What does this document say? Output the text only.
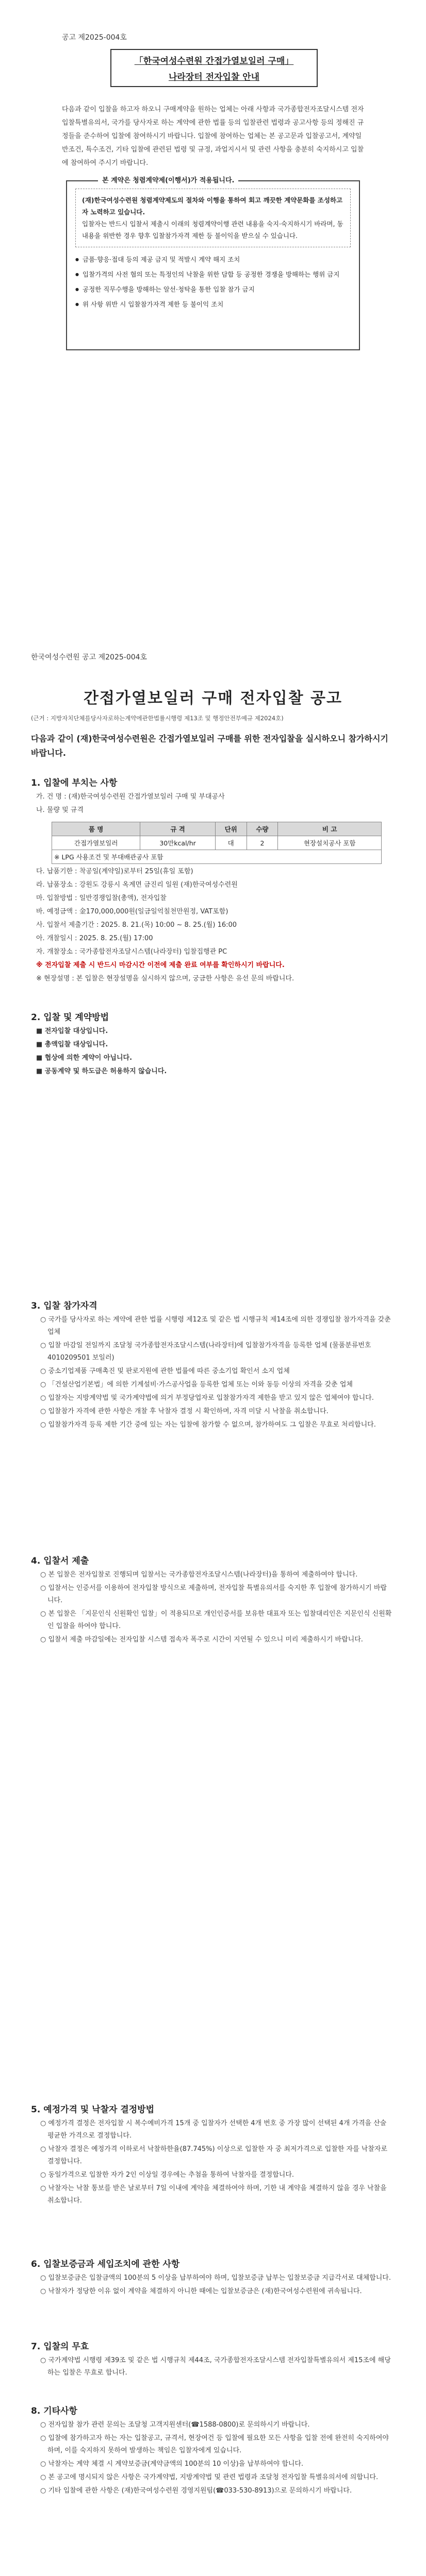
공고 제2025-004호
「한국여성수련원 간접가열보일러 구매」
나라장터 전자입찰 안내
다음과 같이 입찰을 하고자 하오니 구매계약을 원하는 업체는 아래 사항과 국가종합전자조달시스템 전자입찰특별유의서, 국가를 당사자로 하는 계약에 관한 법률 등의 입찰관련 법령과 공고사항 등의 정해진 규정들을 준수하여 입찰에 참여하시기 바랍니다. 입찰에 참여하는 업체는 본 공고문과 입찰공고서, 계약일반조건, 특수조건, 기타 입찰에 관련된 법령 및 규정, 과업지시서 및 관련 사항을 충분히 숙지하시고 입찰에 참여하여 주시기 바랍니다.
본 계약은 청렴계약제(이행서)가 적용됩니다.
(재)한국여성수련원 청렴계약제도의 절차와 이행을 통하여 회고 깨끗한 계약문화를 조성하고자 노력하고 있습니다.
입찰자는 반드시 입찰서 제출시 이래의 청렴계약이행 관련 내용을 숙지·숙지하시기 바라며, 동 내용을 위반한 경우 향후 입찰참가자격 제한 등 불이익을 받으실 수 있습니다.
● 금품·향응·접대 등의 제공 금지 및 적발시 계약 해지 조치
● 입찰가격의 사전 협의 또는 특정인의 낙찰을 위한 담합 등 공정한 경쟁을 방해하는 행위 금지
● 공정한 직무수행을 방해하는 알선·청탁을 통한 입찰 참가 금지
● 위 사항 위반 시 입찰참가자격 제한 등 불이익 조치
한국여성수련원 공고 제2025-004호
간접가열보일러 구매 전자입찰 공고
(근거 : 지방자치단체를당사자로하는계약에관한법률시행령 제13조 및 행정안전부예규 제2024호)
다음과 같이 (재)한국여성수련원은 간접가열보일러 구매를 위한 전자입찰을 실시하오니 참가하시기 바랍니다.
1. 입찰에 부치는 사항

가. 건 명 : (재)한국여성수련원 간접가열보일러 구매 및 부대공사

나. 물량 및 규격

품 명	규 격	단위	수량	비 고
간접가열보일러	30만kcal/hr	대	2	현장설치공사 포함
※ LPG 사용조건 및 부대배관공사 포함				

다. 납품기한 : 착공일(계약일)로부터 25일(휴일 포함)

라. 납품장소 : 강원도 강릉시 옥계면 금진리 일원 (재)한국여성수련원

마. 입찰방법 : 일반경쟁입찰(총액), 전자입찰

바. 예정금액 : 金170,000,000원(일금일억칠천만원정, VAT포함)

사. 입찰서 제출기간 : 2025. 8. 21.(목) 10:00 ~ 8. 25.(월) 16:00

아. 개찰일시 : 2025. 8. 25.(월) 17:00

자. 개찰장소 : 국가종합전자조달시스템(나라장터) 입찰집행관 PC

※ 전자입찰 제출 시 반드시 마감시간 이전에 제출 완료 여부를 확인하시기 바랍니다.

※ 현장설명 : 본 입찰은 현장설명을 실시하지 않으며, 궁금한 사항은 유선 문의 바랍니다.

2. 입찰 및 계약방법

■ 전자입찰 대상입니다.

■ 총액입찰 대상입니다.

■ 협상에 의한 계약이 아닙니다.

■ 공동계약 및 하도급은 허용하지 않습니다.

3. 입찰 참가자격

○ 국가를 당사자로 하는 계약에 관한 법률 시행령 제12조 및 같은 법 시행규칙 제14조에 의한 경쟁입찰 참가자격을 갖춘 업체

○ 입찰 마감일 전일까지 조달청 국가종합전자조달시스템(나라장터)에 입찰참가자격을 등록한 업체 (물품분류번호 4010209501 보일러)

○ 중소기업제품 구매촉진 및 판로지원에 관한 법률에 따른 중소기업 확인서 소지 업체

○ 「건설산업기본법」에 의한 기계설비·가스공사업을 등록한 업체 또는 이와 동등 이상의 자격을 갖춘 업체

○ 입찰자는 지방계약법 및 국가계약법에 의거 부정당업자로 입찰참가자격 제한을 받고 있지 않은 업체여야 합니다.

○ 입찰참가 자격에 관한 사항은 개찰 후 낙찰자 결정 시 확인하며, 자격 미달 시 낙찰을 취소합니다.

○ 입찰참가자격 등록 제한 기간 중에 있는 자는 입찰에 참가할 수 없으며, 참가하여도 그 입찰은 무효로 처리합니다.

4. 입찰서 제출

○ 본 입찰은 전자입찰로 진행되며 입찰서는 국가종합전자조달시스템(나라장터)을 통하여 제출하여야 합니다.

○ 입찰서는 인증서를 이용하여 전자입찰 방식으로 제출하며, 전자입찰 특별유의서를 숙지한 후 입찰에 참가하시기 바랍니다.

○ 본 입찰은 「지문인식 신원확인 입찰」이 적용되므로 개인인증서를 보유한 대표자 또는 입찰대리인은 지문인식 신원확인 입찰을 하여야 합니다.

○ 입찰서 제출 마감일에는 전자입찰 시스템 접속자 폭주로 시간이 지연될 수 있으니 미리 제출하시기 바랍니다.

5. 예정가격 및 낙찰자 결정방법

○ 예정가격 결정은 전자입찰 시 복수예비가격 15개 중 입찰자가 선택한 4개 번호 중 가장 많이 선택된 4개 가격을 산술평균한 가격으로 결정합니다.

○ 낙찰자 결정은 예정가격 이하로서 낙찰하한율(87.745%) 이상으로 입찰한 자 중 최저가격으로 입찰한 자를 낙찰자로 결정합니다.

○ 동일가격으로 입찰한 자가 2인 이상일 경우에는 추첨을 통하여 낙찰자를 결정합니다.

○ 낙찰자는 낙찰 통보를 받은 날로부터 7일 이내에 계약을 체결하여야 하며, 기한 내 계약을 체결하지 않을 경우 낙찰을 취소합니다.

6. 입찰보증금과 세입조치에 관한 사항

○ 입찰보증금은 입찰금액의 100분의 5 이상을 납부하여야 하며, 입찰보증금 납부는 입찰보증금 지급각서로 대체합니다.

○ 낙찰자가 정당한 이유 없이 계약을 체결하지 아니한 때에는 입찰보증금은 (재)한국여성수련원에 귀속됩니다.

7. 입찰의 무효

○ 국가계약법 시행령 제39조 및 같은 법 시행규칙 제44조, 국가종합전자조달시스템 전자입찰특별유의서 제15조에 해당하는 입찰은 무효로 합니다.

8. 기타사항

○ 전자입찰 참가 관련 문의는 조달청 고객지원센터(☎1588-0800)로 문의하시기 바랍니다.

○ 입찰에 참가하고자 하는 자는 입찰공고, 규격서, 현장여건 등 입찰에 필요한 모든 사항을 입찰 전에 완전히 숙지하여야 하며, 이를 숙지하지 못하여 발생하는 책임은 입찰자에게 있습니다.

○ 낙찰자는 계약 체결 시 계약보증금(계약금액의 100분의 10 이상)을 납부하여야 합니다.

○ 본 공고에 명시되지 않은 사항은 국가계약법, 지방계약법 및 관련 법령과 조달청 전자입찰 특별유의서에 의합니다.

○ 기타 입찰에 관한 사항은 (재)한국여성수련원 경영지원팀(☎033-530-8913)으로 문의하시기 바랍니다.
